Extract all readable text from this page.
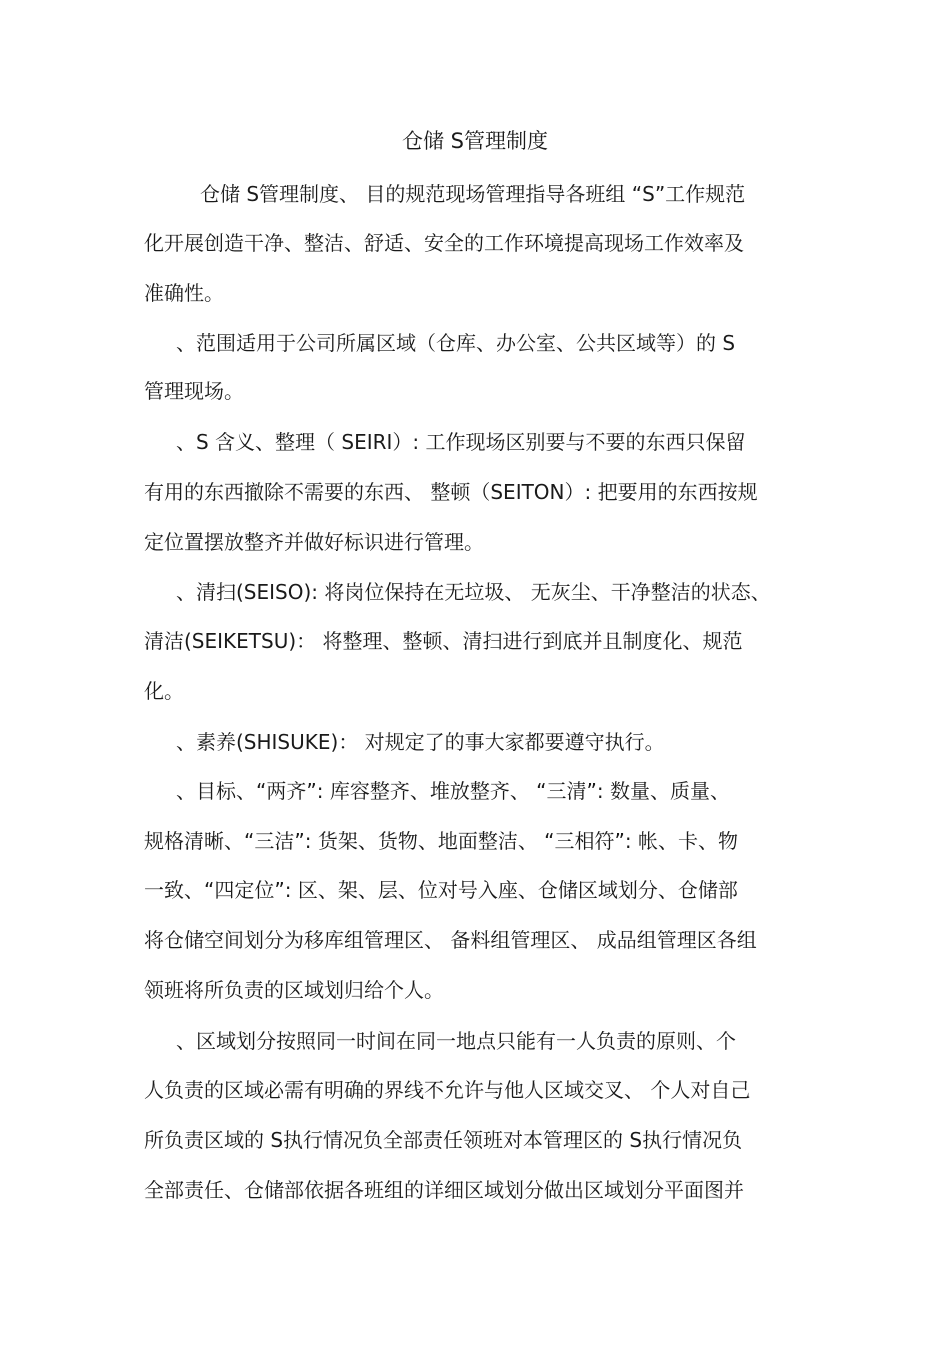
仓储 S管理制度
仓储 S管理制度、 目的规范现场管理指导各班组 “S”工作规范
化开展创造干净、整洁、舒适、安全的工作环境提高现场工作效率及
准确性。
、范围适用于公司所属区域（仓库、办公室、公共区域等）的 S
管理现场。
、S 含义、整理（ SEIRI）: 工作现场区别要与不要的东西只保留
有用的东西撤除不需要的东西、 整顿（SEITON）: 把要用的东西按规
定位置摆放整齐并做好标识进行管理。
、清扫(SEISO): 将岗位保持在无垃圾、 无灰尘、干净整洁的状态、
清洁(SEIKETSU)： 将整理、整顿、清扫进行到底并且制度化、规范
化。
、素养(SHISUKE)： 对规定了的事大家都要遵守执行。
、目标、“两齐”: 库容整齐、堆放整齐、 “三清”: 数量、质量、
规格清晰、“三洁”: 货架、货物、地面整洁、 “三相符”: 帐、卡、物
一致、“四定位”: 区、架、层、位对号入座、仓储区域划分、仓储部
将仓储空间划分为移库组管理区、 备料组管理区、 成品组管理区各组
领班将所负责的区域划归给个人。
、区域划分按照同一时间在同一地点只能有一人负责的原则、个
人负责的区域必需有明确的界线不允许与他人区域交叉、 个人对自己
所负责区域的 S执行情况负全部责任领班对本管理区的 S执行情况负
全部责任、仓储部依据各班组的详细区域划分做出区域划分平面图并
